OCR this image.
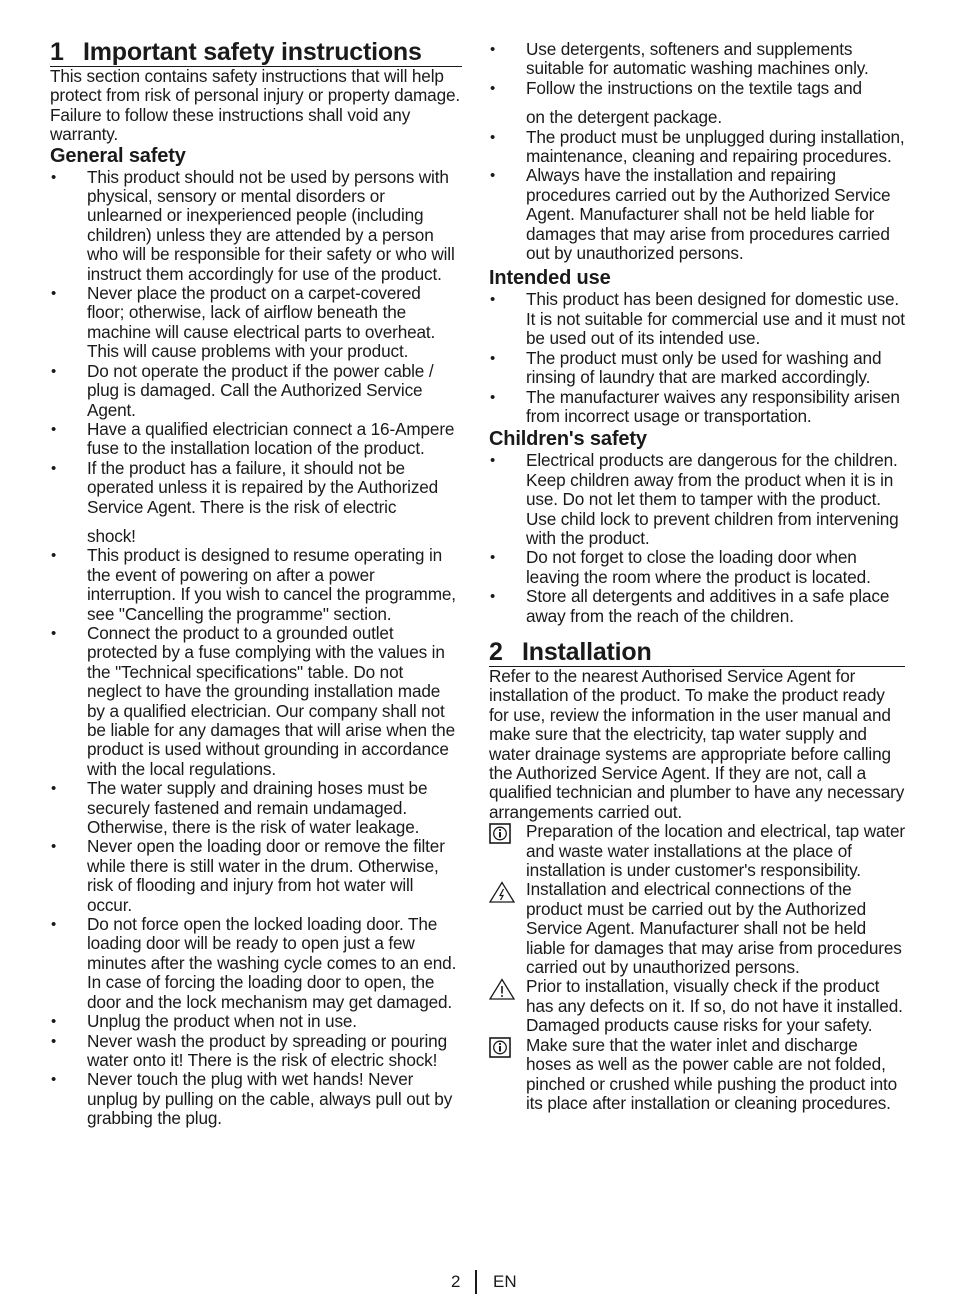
1 Important safety instructions

This section contains safety instructions that will help protect from risk of personal injury or property damage. Failure to follow these instructions shall void any warranty.

General safety
• This product should not be used by persons with physical, sensory or mental disorders or unlearned or inexperienced people (including children) unless they are attended by a person who will be responsible for their safety or who will instruct them accordingly for use of the product.
• Never place the product on a carpet-covered floor; otherwise, lack of airflow beneath the machine will cause electrical parts to overheat. This will cause problems with your product.
• Do not operate the product if the power cable / plug is damaged. Call the Authorized Service Agent.
• Have a qualified electrician connect a 16-Ampere fuse to the installation location of the product.
• If the product has a failure, it should not be operated unless it is repaired by the Authorized Service Agent. There is the risk of electric
shock!
• This product is designed to resume operating in the event of powering on after a power interruption. If you wish to cancel the programme, see "Cancelling the programme" section.
• Connect the product to a grounded outlet protected by a fuse complying with the values in the "Technical specifications" table. Do not neglect to have the grounding installation made by a qualified electrician. Our company shall not be liable for any damages that will arise when the product is used without grounding in accordance with the local regulations.
• The water supply and draining hoses must be securely fastened and remain undamaged. Otherwise, there is the risk of water leakage.
• Never open the loading door or remove the filter while there is still water in the drum. Otherwise, risk of flooding and injury from hot water will occur.
• Do not force open the locked loading door. The loading door will be ready to open just a few minutes after the washing cycle comes to an end. In case of forcing the loading door to open, the door and the lock mechanism may get damaged.
• Unplug the product when not in use.
• Never wash the product by spreading or pouring water onto it! There is the risk of electric shock!
• Never touch the plug with wet hands! Never unplug by pulling on the cable, always pull out by grabbing the plug.
• Use detergents, softeners and supplements suitable for automatic washing machines only.
• Follow the instructions on the textile tags and
on the detergent package.
• The product must be unplugged during installation, maintenance, cleaning and repairing procedures.
• Always have the installation and repairing procedures carried out by the Authorized Service Agent. Manufacturer shall not be held liable for damages that may arise from procedures carried out by unauthorized persons.
Intended use
• This product has been designed for domestic use. It is not suitable for commercial use and it must not be used out of its intended use.
• The product must only be used for washing and rinsing of laundry that are marked accordingly.
• The manufacturer waives any responsibility arisen from incorrect usage or transportation.
Children's safety
• Electrical products are dangerous for the children. Keep children away from the product when it is in use. Do not let them to tamper with the product. Use child lock to prevent children from intervening with the product.
• Do not forget to close the loading door when leaving the room where the product is located.
• Store all detergents and additives in a safe place away from the reach of the children.
2 Installation

Refer to the nearest Authorised Service Agent for installation of the product. To make the product ready for use, review the information in the user manual and make sure that the electricity, tap water supply and water drainage systems are appropriate before calling the Authorized Service Agent. If they are not, call a qualified technician and plumber to have any necessary arrangements carried out.

Preparation of the location and electrical, tap water and waste water installations at the place of installation is under customer's responsibility.
Installation and electrical connections of the product must be carried out by the Authorized Service Agent. Manufacturer shall not be held liable for damages that may arise from procedures carried out by unauthorized persons.
Prior to installation, visually check if the product has any defects on it. If so, do not have it installed. Damaged products cause risks for your safety.
Make sure that the water inlet and discharge hoses as well as the power cable are not folded, pinched or crushed while pushing the product into its place after installation or cleaning procedures.
2 EN
